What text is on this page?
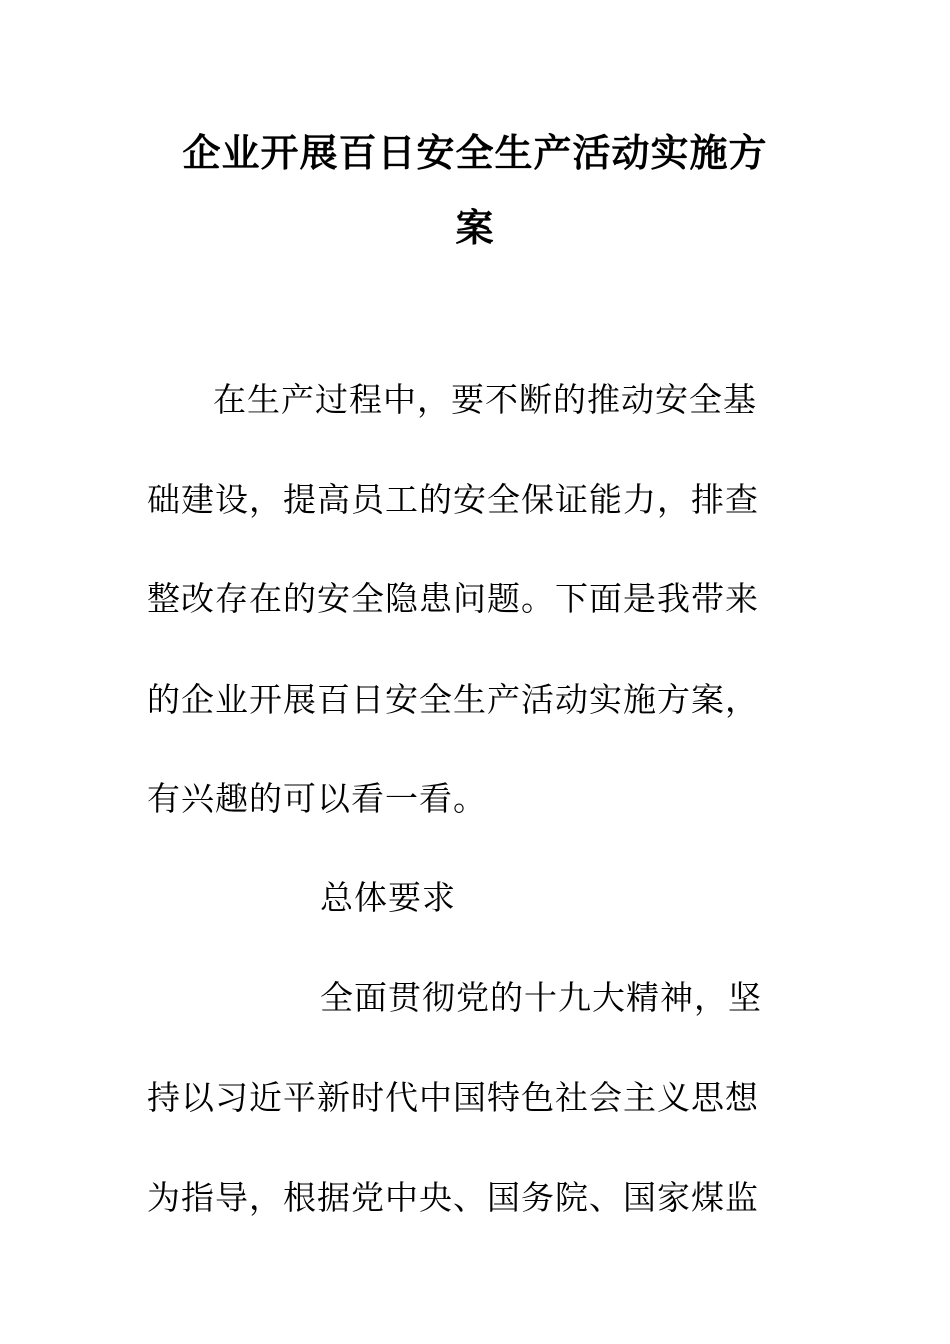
企业开展百日安全生产活动实施方
案
在生产过程中，要不断的推动安全基
础建设，提高员工的安全保证能力，排查
整改存在的安全隐患问题。下面是我带来
的企业开展百日安全生产活动实施方案，
有兴趣的可以看一看。
总体要求
全面贯彻党的十九大精神，坚
持以习近平新时代中国特色社会主义思想
为指导，根据党中央、国务院、国家煤监
